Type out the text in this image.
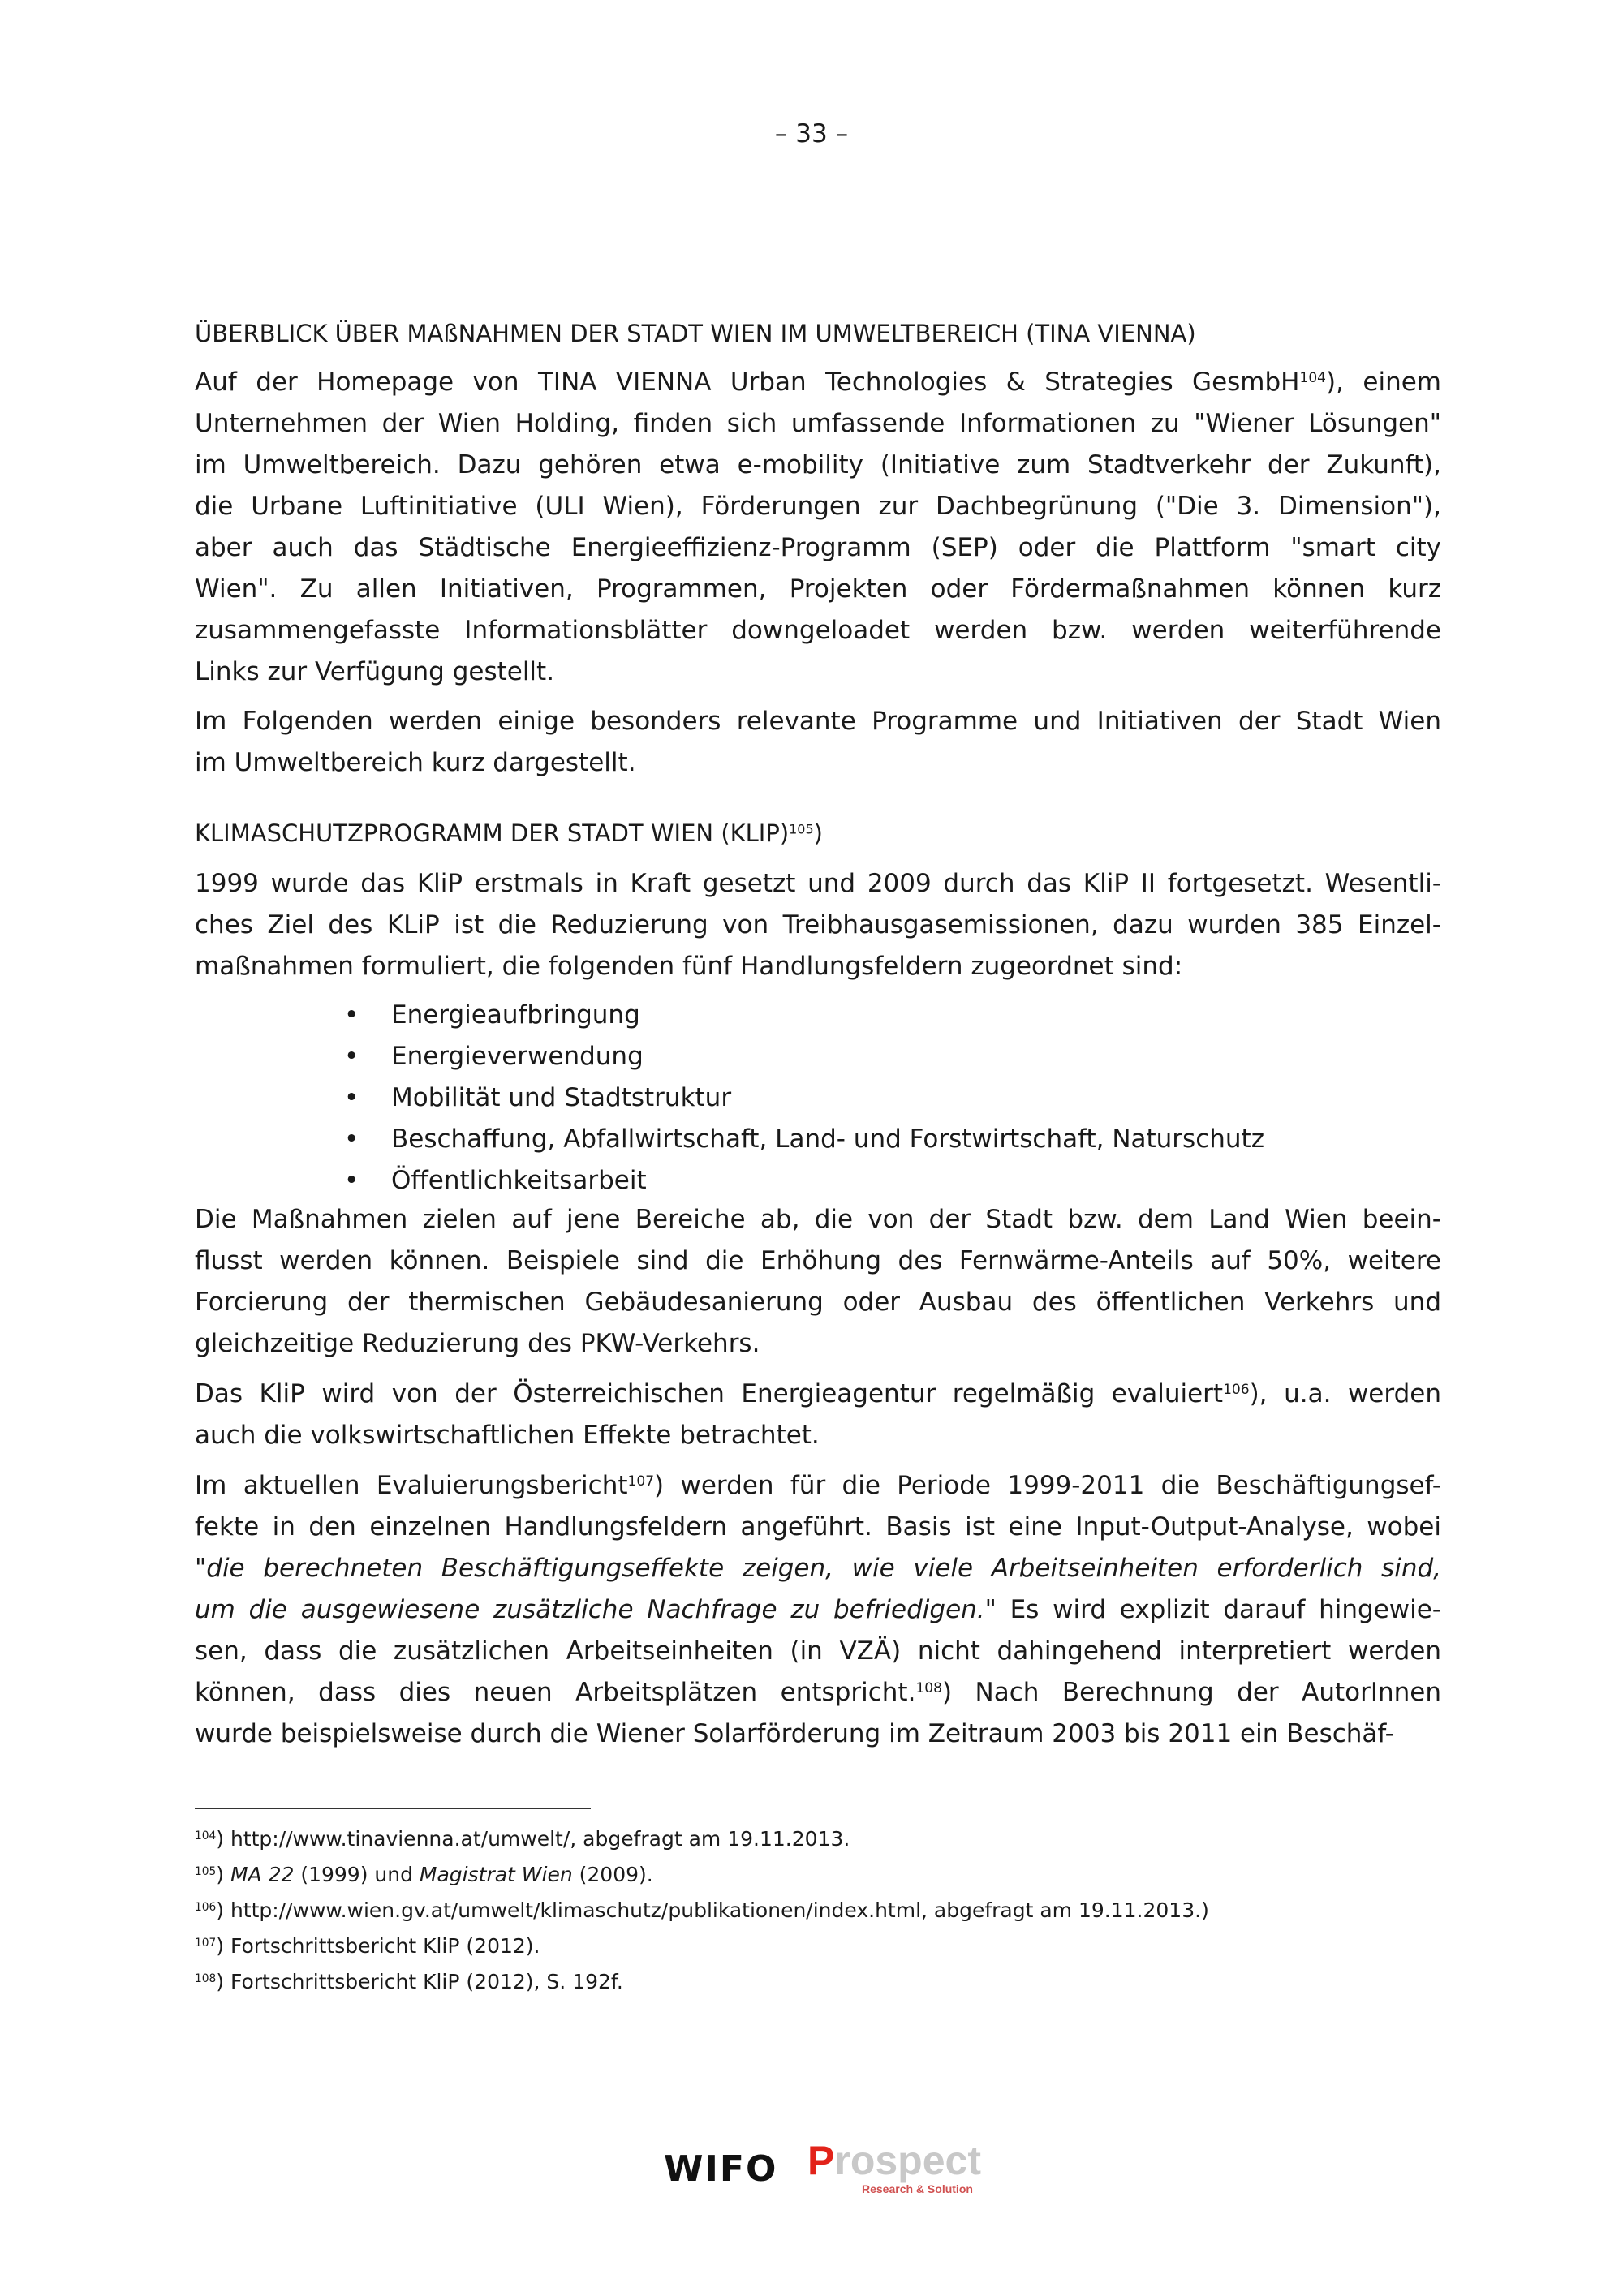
– 33 –
ÜBERBLICK ÜBER MAßNAHMEN DER STADT WIEN IM UMWELTBEREICH (TINA VIENNA)
Auf der Homepage von TINA VIENNA Urban Technologies & Strategies GesmbH$^{104}$), einem
Unternehmen der Wien Holding, finden sich umfassende Informationen zu "Wiener Lösungen"
im Umweltbereich. Dazu gehören etwa e-mobility (Initiative zum Stadtverkehr der Zukunft),
die Urbane Luftinitiative (ULI Wien), Förderungen zur Dachbegrünung ("Die 3. Dimension"),
aber auch das Städtische Energieeffizienz-Programm (SEP) oder die Plattform "smart city
Wien". Zu allen Initiativen, Programmen, Projekten oder Fördermaßnahmen können kurz
zusammengefasste Informationsblätter downgeloadet werden bzw. werden weiterführende
Links zur Verfügung gestellt.
Im Folgenden werden einige besonders relevante Programme und Initiativen der Stadt Wien
im Umweltbereich kurz dargestellt.
KLIMASCHUTZPROGRAMM DER STADT WIEN (KLIP)$^{105}$)
1999 wurde das KliP erstmals in Kraft gesetzt und 2009 durch das KliP II fortgesetzt. Wesentli-
ches Ziel des KLiP ist die Reduzierung von Treibhausgasemissionen, dazu wurden 385 Einzel-
maßnahmen formuliert, die folgenden fünf Handlungsfeldern zugeordnet sind:
• Energieaufbringung
• Energieverwendung
• Mobilität und Stadtstruktur
• Beschaffung, Abfallwirtschaft, Land- und Forstwirtschaft, Naturschutz
• Öffentlichkeitsarbeit
Die Maßnahmen zielen auf jene Bereiche ab, die von der Stadt bzw. dem Land Wien beein-
flusst werden können. Beispiele sind die Erhöhung des Fernwärme-Anteils auf 50%, weitere
Forcierung der thermischen Gebäudesanierung oder Ausbau des öffentlichen Verkehrs und
gleichzeitige Reduzierung des PKW-Verkehrs.
Das KliP wird von der Österreichischen Energieagentur regelmäßig evaluiert$^{106}$), u.a. werden
auch die volkswirtschaftlichen Effekte betrachtet.
Im aktuellen Evaluierungsbericht$^{107}$) werden für die Periode 1999-2011 die Beschäftigungsef-
fekte in den einzelnen Handlungsfeldern angeführt. Basis ist eine Input-Output-Analyse, wobei
"die berechneten Beschäftigungseffekte zeigen, wie viele Arbeitseinheiten erforderlich sind,
um die ausgewiesene zusätzliche Nachfrage zu befriedigen." Es wird explizit darauf hingewie-
sen, dass die zusätzlichen Arbeitseinheiten (in VZÄ) nicht dahingehend interpretiert werden
können, dass dies neuen Arbeitsplätzen entspricht.$^{108}$) Nach Berechnung der AutorInnen
wurde beispielsweise durch die Wiener Solarförderung im Zeitraum 2003 bis 2011 ein Beschäf-
$^{104}$) http://www.tinavienna.at/umwelt/, abgefragt am 19.11.2013.
$^{105}$) MA 22 (1999) und Magistrat Wien (2009).
$^{106}$) http://www.wien.gv.at/umwelt/klimaschutz/publikationen/index.html, abgefragt am 19.11.2013.)
$^{107}$) Fortschrittsbericht KliP (2012).
$^{108}$) Fortschrittsbericht KliP (2012), S. 192f.
WIFO Prospect
Research & Solution
